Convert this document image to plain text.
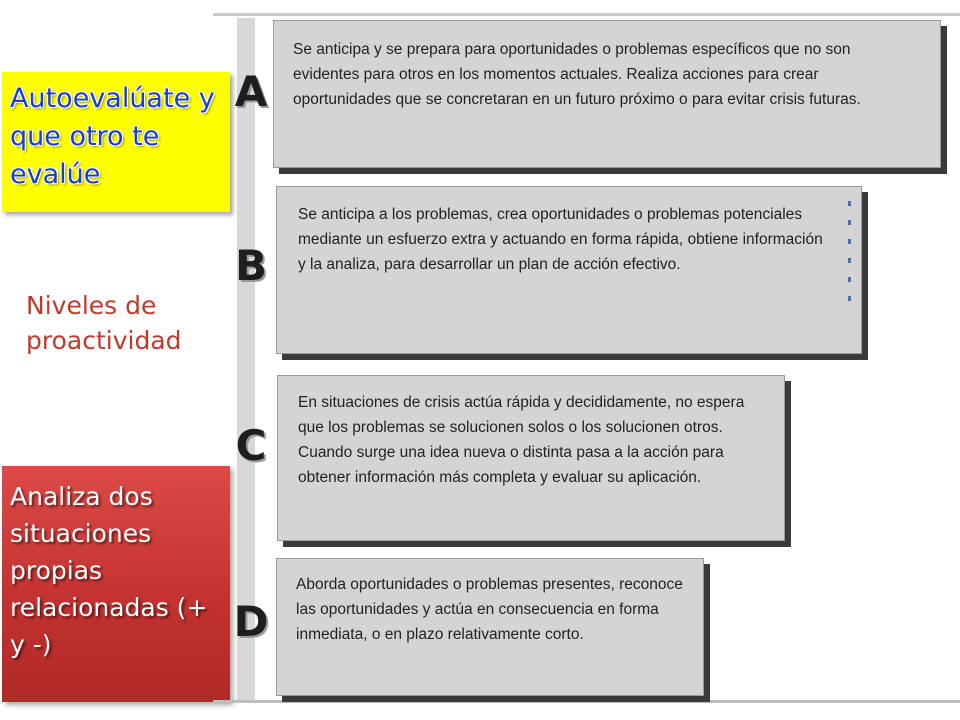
Autoevalúate y que otro te evalúe
Niveles de proactividad
Analiza dos situaciones propias relacionadas (+ y -)
A
Se anticipa y se prepara para oportunidades o problemas específicos que no son evidentes para otros en los momentos actuales. Realiza acciones para crear oportunidades que se concretaran en un futuro próximo o para evitar crisis futuras.
B
Se anticipa a los problemas, crea oportunidades o problemas potenciales mediante un esfuerzo extra y actuando en forma rápida, obtiene información y la analiza, para desarrollar un plan de acción efectivo.
C
En situaciones de crisis actúa rápida y decididamente, no espera que los problemas se solucionen solos o los solucionen otros. Cuando surge una idea nueva o distinta pasa a la acción para obtener información más completa y evaluar su aplicación.
D
Aborda oportunidades o problemas presentes, reconoce las oportunidades y actúa en consecuencia en forma inmediata, o en plazo relativamente corto.
